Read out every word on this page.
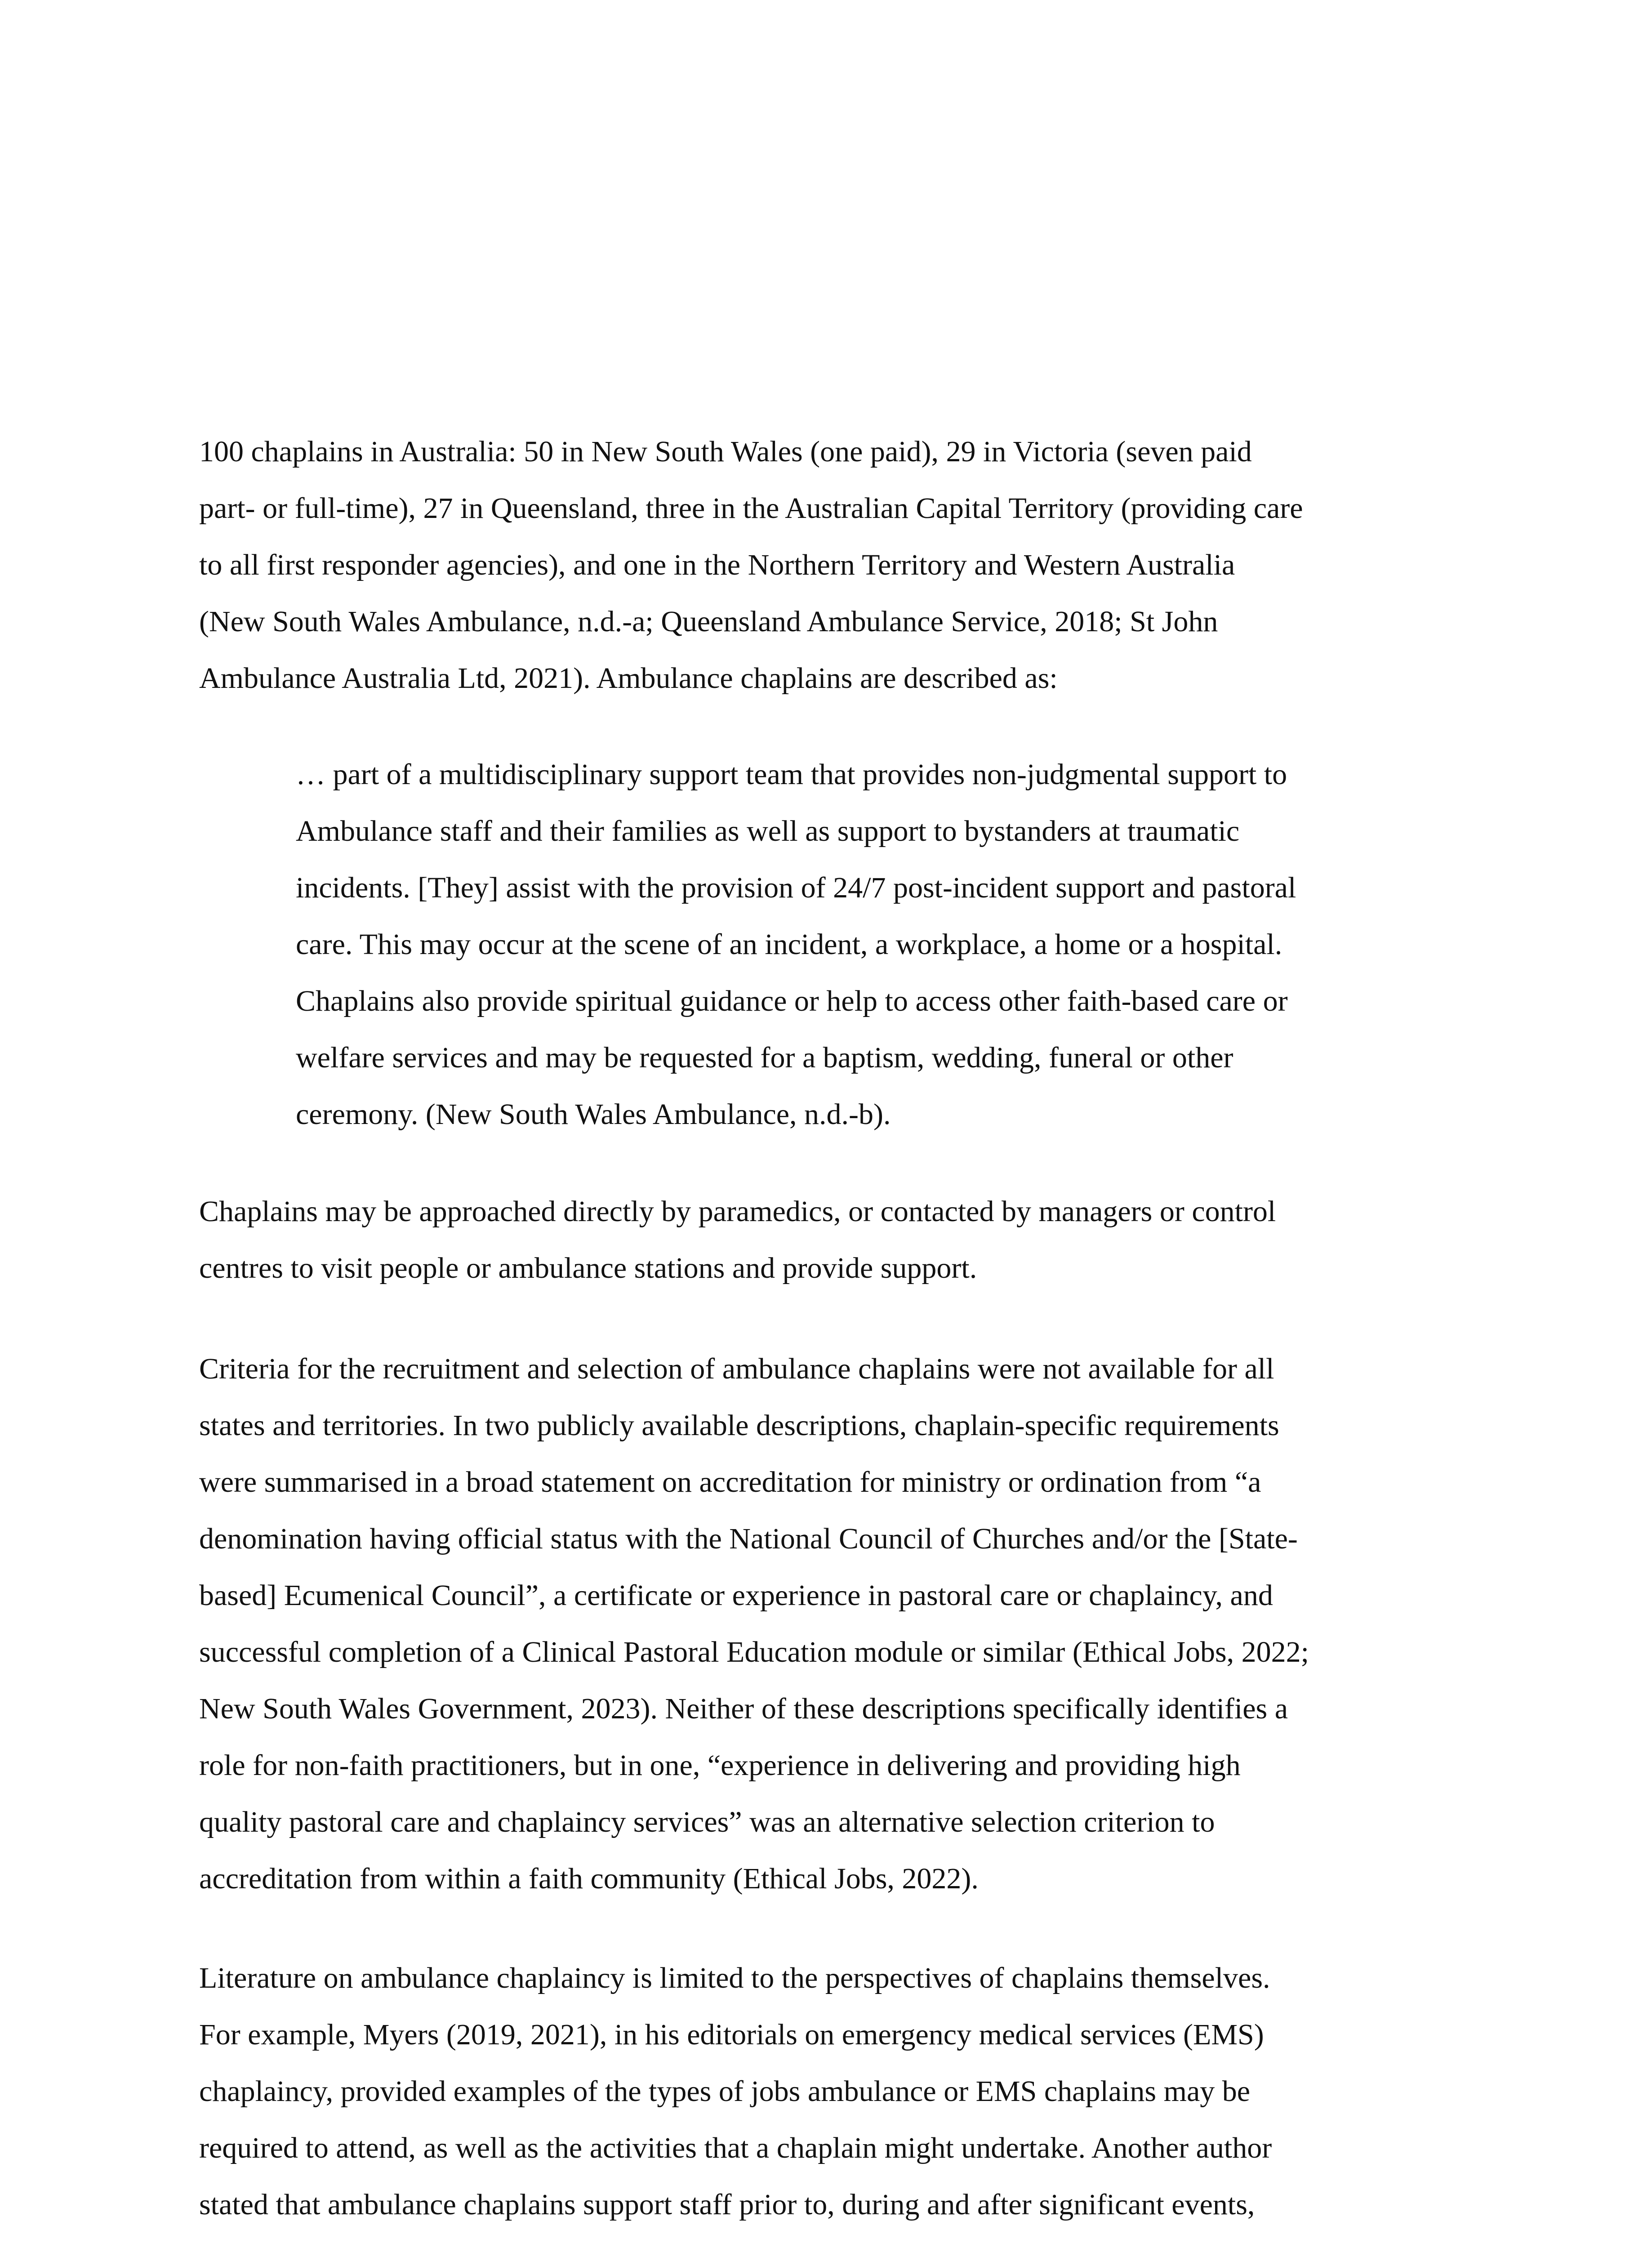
100 chaplains in Australia: 50 in New South Wales (one paid), 29 in Victoria (seven paid
part- or full-time), 27 in Queensland, three in the Australian Capital Territory (providing care
to all first responder agencies), and one in the Northern Territory and Western Australia
(New South Wales Ambulance, n.d.-a; Queensland Ambulance Service, 2018; St John
Ambulance Australia Ltd, 2021). Ambulance chaplains are described as:

… part of a multidisciplinary support team that provides non-judgmental support to
Ambulance staff and their families as well as support to bystanders at traumatic
incidents. [They] assist with the provision of 24/7 post-incident support and pastoral
care. This may occur at the scene of an incident, a workplace, a home or a hospital.
Chaplains also provide spiritual guidance or help to access other faith-based care or
welfare services and may be requested for a baptism, wedding, funeral or other
ceremony. (New South Wales Ambulance, n.d.-b).

Chaplains may be approached directly by paramedics, or contacted by managers or control
centres to visit people or ambulance stations and provide support.

Criteria for the recruitment and selection of ambulance chaplains were not available for all
states and territories. In two publicly available descriptions, chaplain-specific requirements
were summarised in a broad statement on accreditation for ministry or ordination from “a
denomination having official status with the National Council of Churches and/or the [State-
based] Ecumenical Council”, a certificate or experience in pastoral care or chaplaincy, and
successful completion of a Clinical Pastoral Education module or similar (Ethical Jobs, 2022;
New South Wales Government, 2023). Neither of these descriptions specifically identifies a
role for non-faith practitioners, but in one, “experience in delivering and providing high
quality pastoral care and chaplaincy services” was an alternative selection criterion to
accreditation from within a faith community (Ethical Jobs, 2022).

Literature on ambulance chaplaincy is limited to the perspectives of chaplains themselves.
For example, Myers (2019, 2021), in his editorials on emergency medical services (EMS)
chaplaincy, provided examples of the types of jobs ambulance or EMS chaplains may be
required to attend, as well as the activities that a chaplain might undertake. Another author
stated that ambulance chaplains support staff prior to, during and after significant events,
